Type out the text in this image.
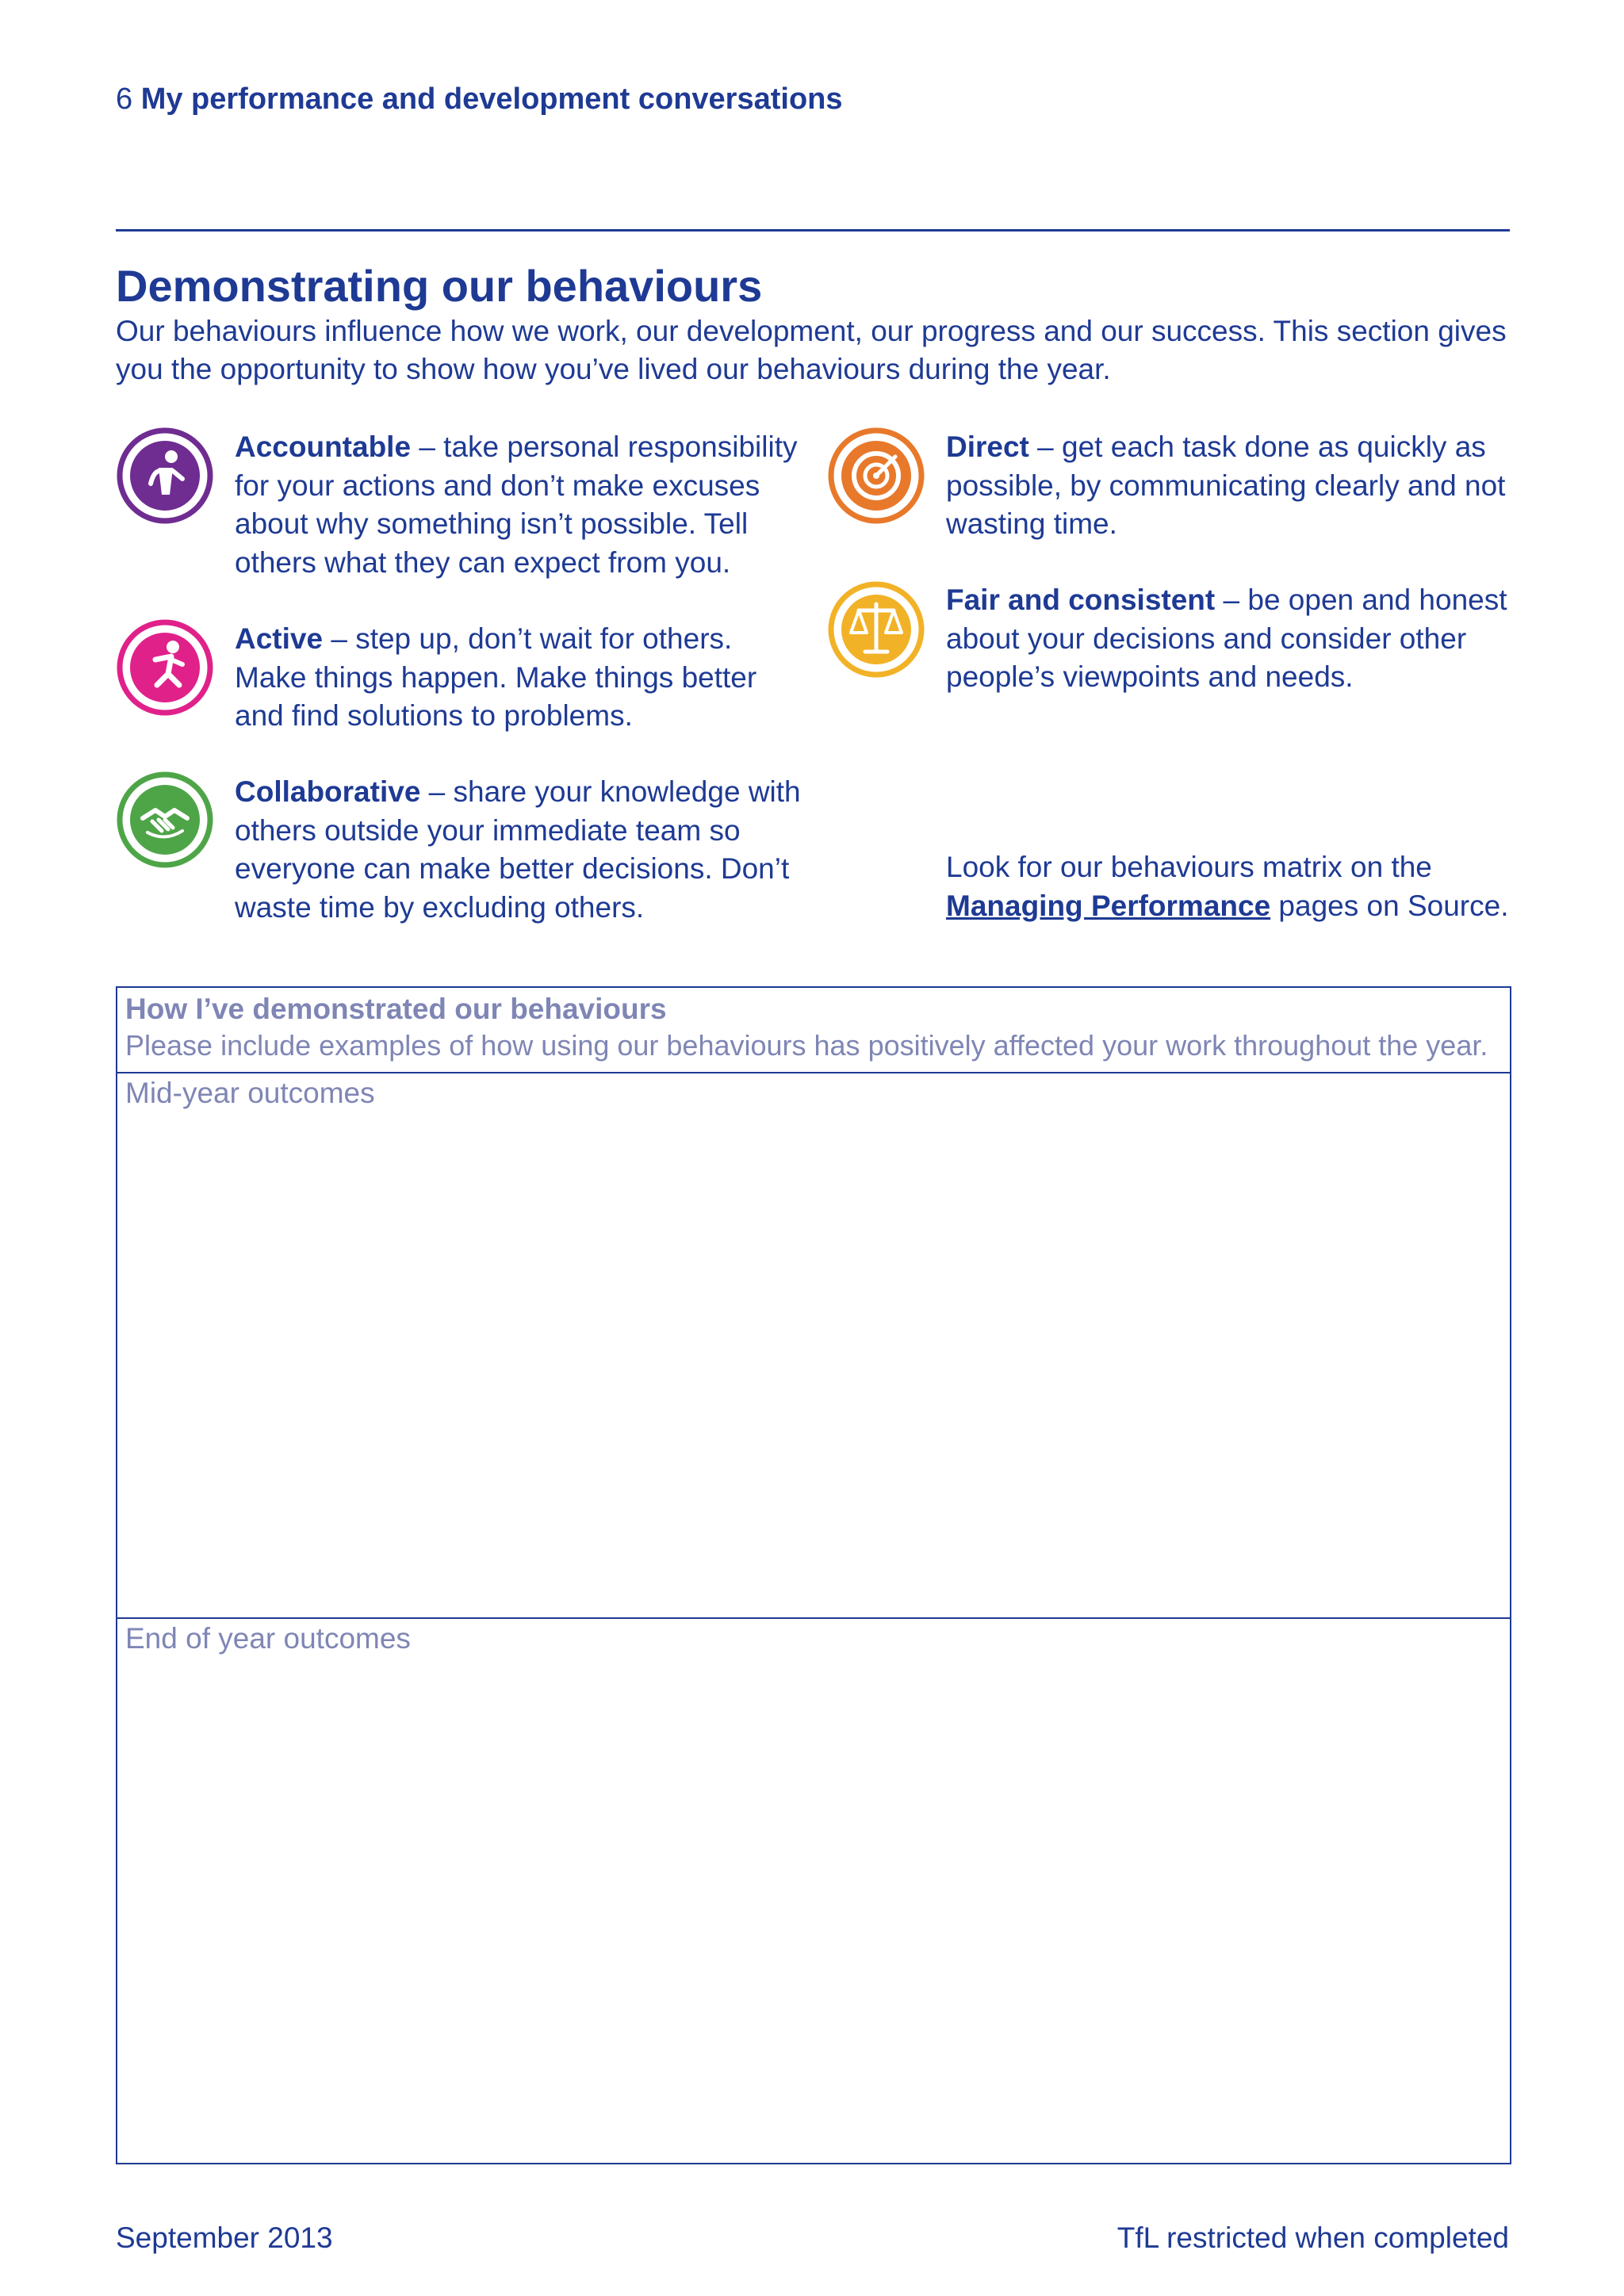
6 My performance and development conversations
Demonstrating our behaviours
Our behaviours influence how we work, our development, our progress and our success. This section gives you the opportunity to show how you’ve lived our behaviours during the year.
Accountable – take personal responsibility for your actions and don’t make excuses about why something isn’t possible. Tell others what they can expect from you.
Active – step up, don’t wait for others. Make things happen. Make things better and find solutions to problems.
Collaborative – share your knowledge with others outside your immediate team so everyone can make better decisions. Don’t waste time by excluding others.
Direct – get each task done as quickly as possible, by communicating clearly and not wasting time.
Fair and consistent – be open and honest about your decisions and consider other people’s viewpoints and needs.
Look for our behaviours matrix on the Managing Performance pages on Source.
How I’ve demonstrated our behaviours
Please include examples of how using our behaviours has positively affected your work throughout the year.
Mid-year outcomes
End of year outcomes
September 2013	TfL restricted when completed
